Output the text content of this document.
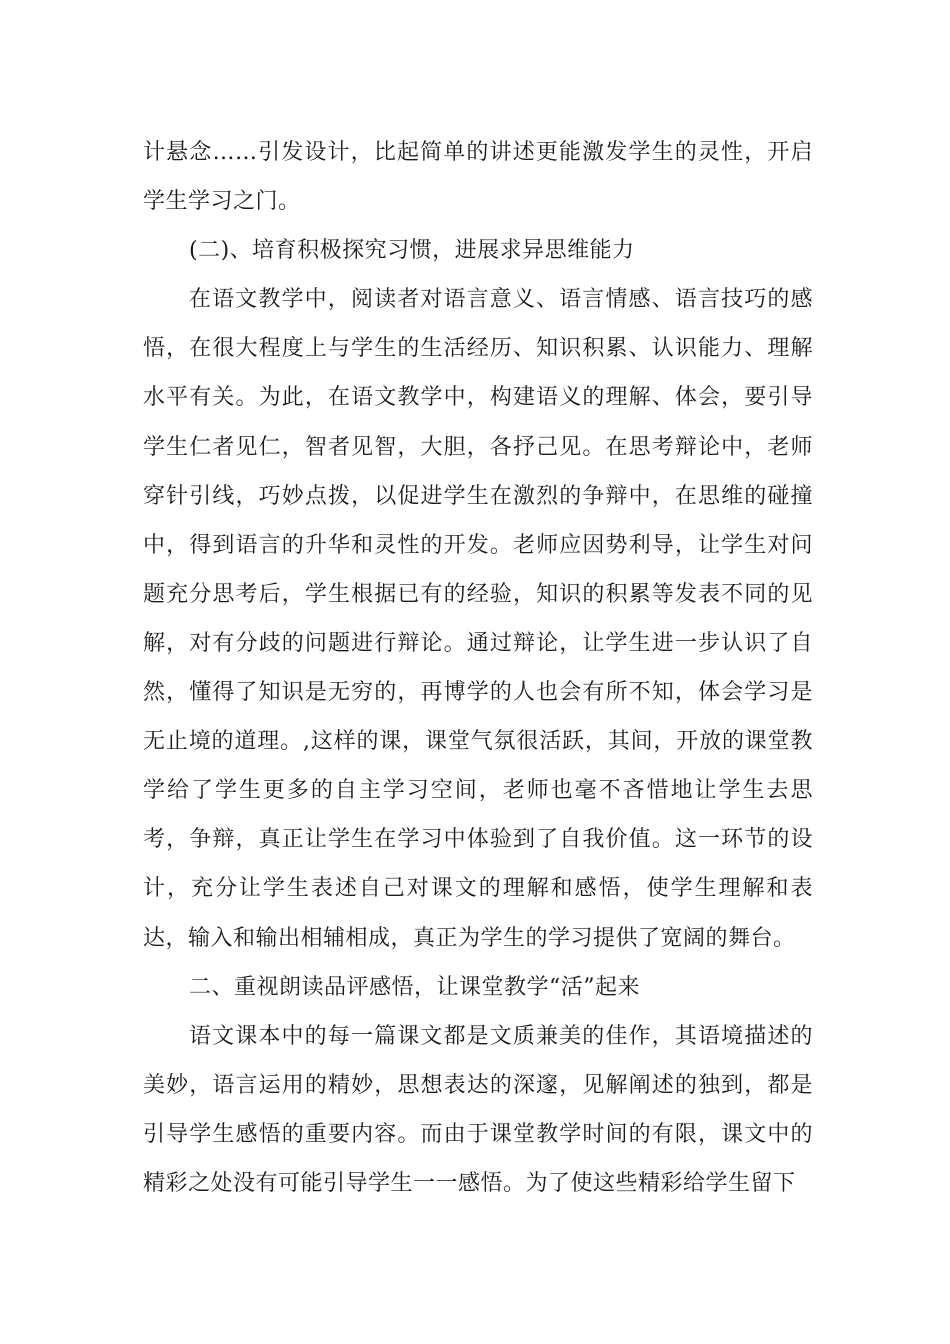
计悬念……引发设计，比起简单的讲述更能激发学生的灵性，开启学生学习之门。

(二)、培育积极探究习惯，进展求异思维能力

在语文教学中，阅读者对语言意义、语言情感、语言技巧的感悟，在很大程度上与学生的生活经历、知识积累、认识能力、理解水平有关。为此，在语文教学中，构建语义的理解、体会，要引导学生仁者见仁，智者见智，大胆，各抒己见。在思考辩论中，老师穿针引线，巧妙点拨，以促进学生在激烈的争辩中，在思维的碰撞中，得到语言的升华和灵性的开发。老师应因势利导，让学生对问题充分思考后，学生根据已有的经验，知识的积累等发表不同的见解，对有分歧的问题进行辩论。通过辩论，让学生进一步认识了自然，懂得了知识是无穷的，再博学的人也会有所不知，体会学习是无止境的道理。,这样的课，课堂气氛很活跃，其间，开放的课堂教学给了学生更多的自主学习空间，老师也毫不吝惜地让学生去思考，争辩，真正让学生在学习中体验到了自我价值。这一环节的设计，充分让学生表述自己对课文的理解和感悟，使学生理解和表达，输入和输出相辅相成，真正为学生的学习提供了宽阔的舞台。

二、重视朗读品评感悟，让课堂教学“活”起来

语文课本中的每一篇课文都是文质兼美的佳作，其语境描述的美妙，语言运用的精妙，思想表达的深邃，见解阐述的独到，都是引导学生感悟的重要内容。而由于课堂教学时间的有限，课文中的精彩之处没有可能引导学生一一感悟。为了使这些精彩给学生留下
